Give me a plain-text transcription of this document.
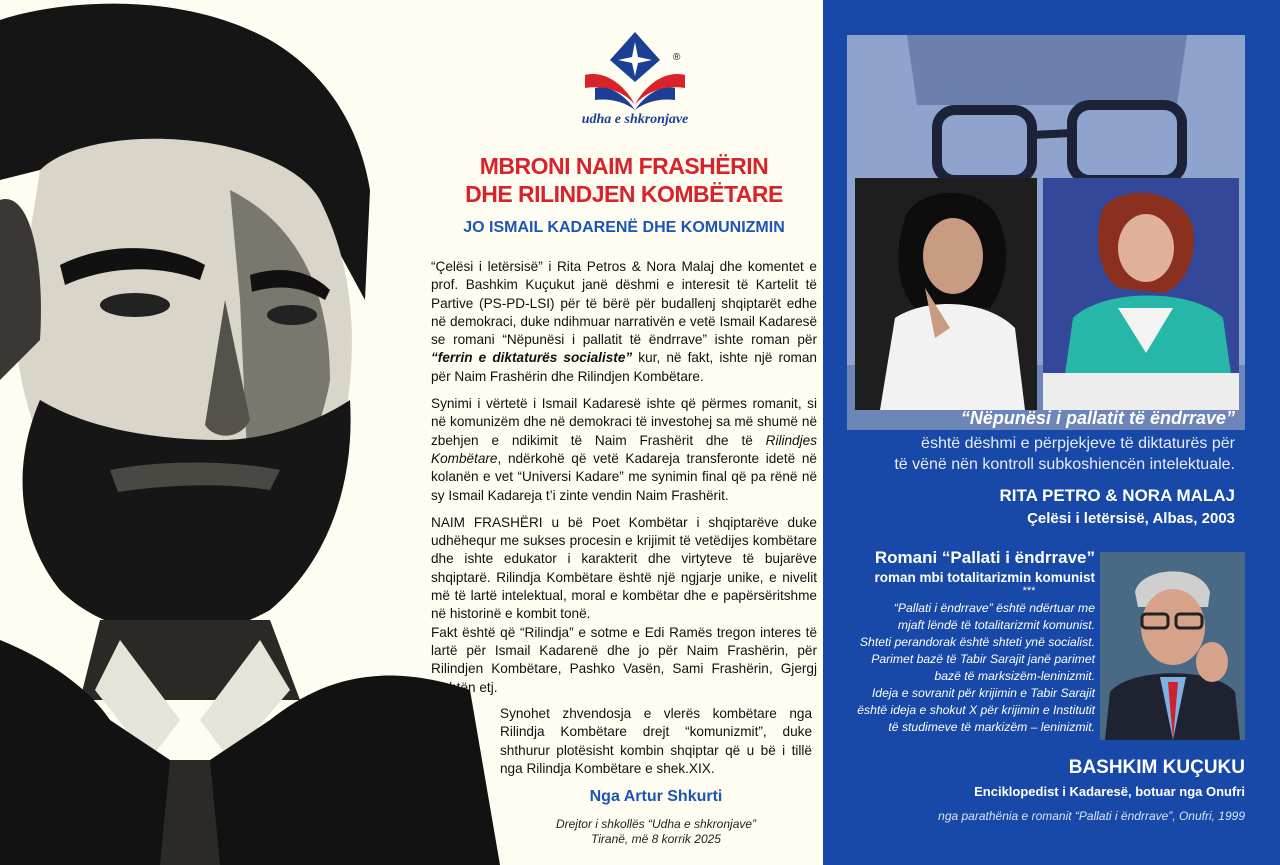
®
udha e shkronjave
MBRONI NAIM FRASHËRIN
DHE RILINDJEN KOMBËTARE
JO ISMAIL KADARENË DHE KOMUNIZMIN

“Çelësi i letërsisë” i Rita Petros & Nora Malaj dhe komentet e prof. Bashkim Kuçukut janë dëshmi e interesit të Kartelit të Partive (PS-PD-LSI) për të bërë për budallenj shqiptarët edhe në demokraci, duke ndihmuar narrativën e vetë Ismail Kadaresë se romani “Nëpunësi i pallatit të ëndrrave” ishte roman për “ferrin e diktaturës socialiste” kur, në fakt, ishte një roman për Naim Frashërin dhe Rilindjen Kombëtare.

Synimi i vërtetë i Ismail Kadaresë ishte që përmes romanit, si në komunizëm dhe në demokraci të investohej sa më shumë në zbehjen e ndikimit të Naim Frashërit dhe të Rilindjes Kombëtare, ndërkohë që vetë Kadareja transferonte idetë në kolanën e vet “Universi Kadare” me synimin final që pa rënë në sy Ismail Kadareja t’i zinte vendin Naim Frashërit.

NAIM FRASHËRI u bë Poet Kombëtar i shqiptarëve duke udhëhequr me sukses procesin e krijimit të vetëdijes kombëtare dhe ishte edukator i karakterit dhe virtyteve të bujarëve shqiptarë. Rilindja Kombëtare është një ngjarje unike, e nivelit më të lartë intelektual, moral e kombëtar dhe e papërsëritshme në historinë e kombit tonë.

Fakt është që “Rilindja” e sotme e Edi Ramës tregon interes të lartë për Ismail Kadarenë dhe jo për Naim Frashërin, për Rilindjen Kombëtare, Pashko Vasën, Sami Frashërin, Gjergj Fishtën etj.

Synohet zhvendosja e vlerës kombëtare nga Rilindja Kombëtare drejt “komunizmit”, duke shthurur plotësisht kombin shqiptar që u bë i tillë nga Rilindja Kombëtare e shek.XIX.
Nga Artur Shkurti
Drejtor i shkollës “Udha e shkronjave”
Tiranë, më 8 korrik 2025
“Nëpunësi i pallatit të ëndrrave”
është dëshmi e përpjekjeve të diktaturës për
të vënë nën kontroll subkoshiencën intelektuale.
RITA PETRO & NORA MALAJ
Çelësi i letërsisë, Albas, 2003
Romani “Pallati i ëndrrave”
roman mbi totalitarizmin komunist
***
“Pallati i ëndrrave” është ndërtuar me
mjaft lëndë të totalitarizmit komunist.
Shteti perandorak është shteti ynë socialist.
Parimet bazë të Tabir Sarajit janë parimet
bazë të marksizëm-leninizmit.
Ideja e sovranit për krijimin e Tabir Sarajit
është ideja e shokut X për krijimin e Institutit
të studimeve të markizëm – leninizmit.
BASHKIM KUÇUKU
Enciklopedist i Kadaresë, botuar nga Onufri
nga parathënia e romanit “Pallati i ëndrrave”, Onufri, 1999
